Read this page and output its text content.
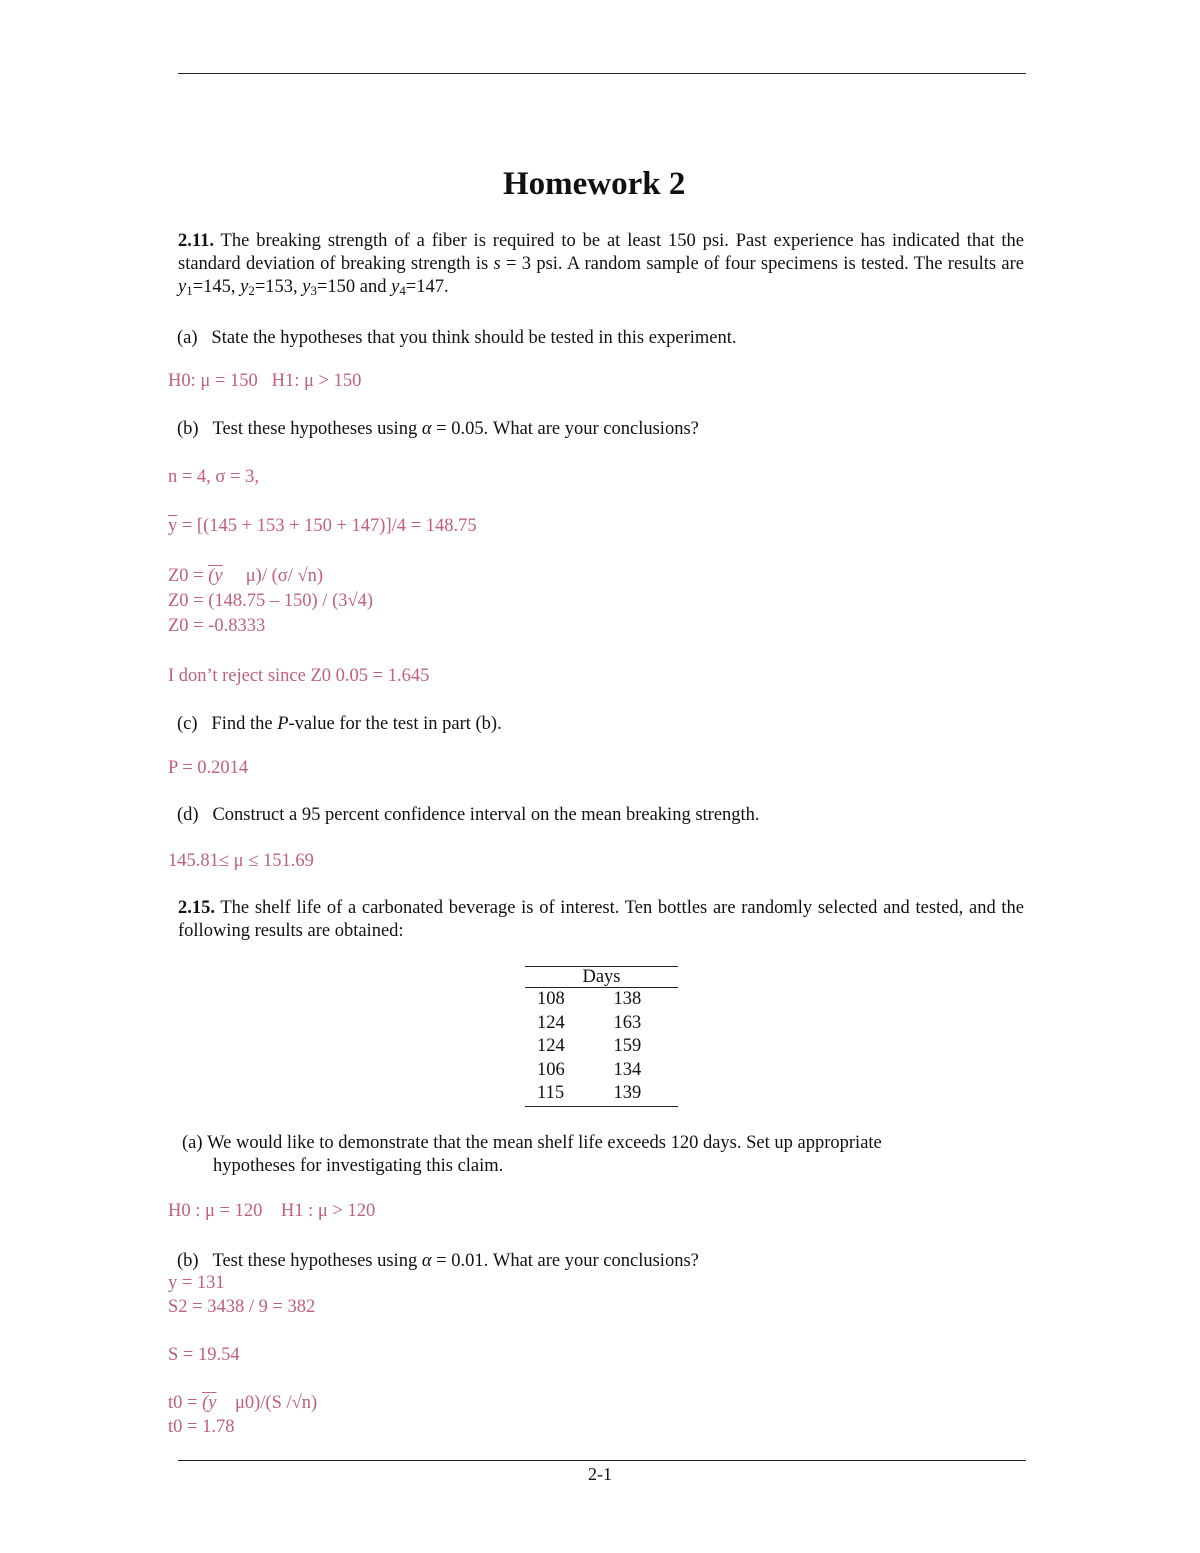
Homework 2
2.11. The breaking strength of a fiber is required to be at least 150 psi. Past experience has indicated that the standard deviation of breaking strength is s = 3 psi. A random sample of four specimens is tested. The results are $y_1=145$, $y_2=153$, $y_3=150$ and $y_4=147$.
(a) State the hypotheses that you think should be tested in this experiment.
H0: μ = 150   H1: μ > 150
(b) Test these hypotheses using α = 0.05. What are your conclusions?
n = 4, σ = 3,
$\overline{y} = [(145 + 153 + 150 + 147)]/4 = 148.75$
Z0 = (y     μ)/ (σ/ √n)
Z0 = (148.75 – 150) / (3√4)
Z0 = -0.8333
I don’t reject since Z0 0.05 = 1.645
(c) Find the P-value for the test in part (b).
P = 0.2014
(d) Construct a 95 percent confidence interval on the mean breaking strength.
145.81≤ μ ≤ 151.69
2.15. The shelf life of a carbonated beverage is of interest. Ten bottles are randomly selected and tested, and the following results are obtained:
Days	
108	138
124	163
124	159
106	134
115	139
(a) We would like to demonstrate that the mean shelf life exceeds 120 days. Set up appropriate
hypotheses for investigating this claim.
H0 : μ = 120    H1 : μ > 120
(b) Test these hypotheses using α = 0.01. What are your conclusions?
y = 131
S2 = 3438 / 9 = 382
S = 19.54
t0 = (y    μ0)/(S /√n)
t0 = 1.78
2-1
